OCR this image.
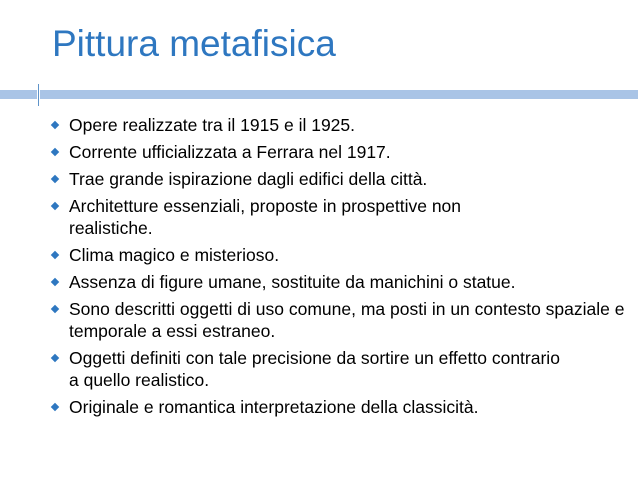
Pittura metafisica
Opere realizzate tra il 1915 e il 1925.
Corrente ufficializzata a Ferrara nel 1917.
Trae grande ispirazione dagli edifici della città.
Architetture essenziali, proposte in prospettive non realistiche.
Clima magico e misterioso.
Assenza di figure umane, sostituite da manichini o statue.
Sono descritti oggetti di uso comune, ma posti in un contesto spaziale e temporale a essi estraneo.
Oggetti definiti con tale precisione da sortire un effetto contrario a quello realistico.
Originale e romantica interpretazione della classicità.
